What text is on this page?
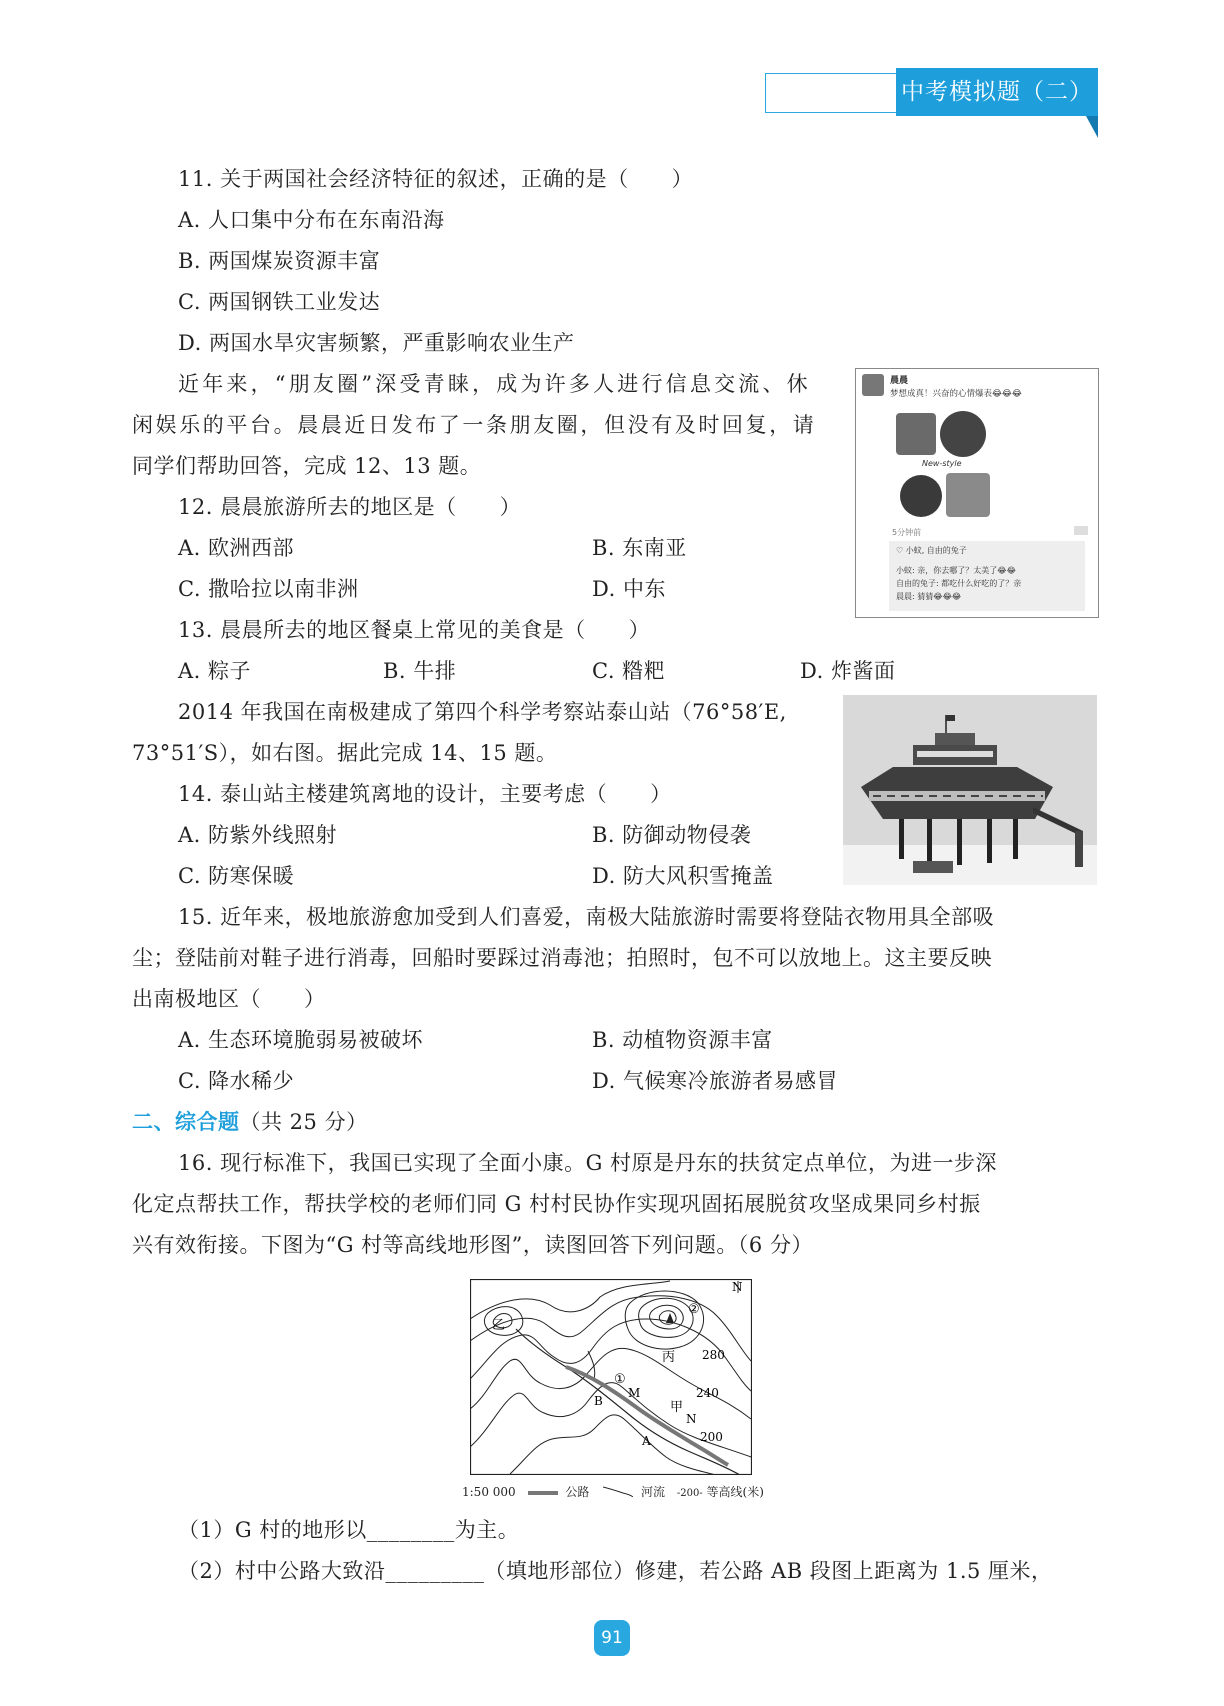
中考模拟题（二）
11. 关于两国社会经济特征的叙述，正确的是（　　）
A. 人口集中分布在东南沿海
B. 两国煤炭资源丰富
C. 两国钢铁工业发达
D. 两国水旱灾害频繁，严重影响农业生产
近年来，“朋友圈”深受青睐，成为许多人进行信息交流、休
闲娱乐的平台。晨晨近日发布了一条朋友圈，但没有及时回复，请
同学们帮助回答，完成 12、13 题。
晨晨
梦想成真！兴奋的心情爆表😂😂😂
New-style
5分钟前
♡ 小蚊, 自由的兔子
小蚊: 亲，你去哪了？太美了😂😂
自由的兔子: 都吃什么好吃的了？亲
晨晨: 猜猜😂😂😂
12. 晨晨旅游所去的地区是（　　）
A. 欧洲西部	B. 东南亚
C. 撒哈拉以南非洲	D. 中东
13. 晨晨所去的地区餐桌上常见的美食是（　　）
A. 粽子	B. 牛排	C. 糌粑	D. 炸酱面
2014 年我国在南极建成了第四个科学考察站泰山站（76°58′E,
73°51′S），如右图。据此完成 14、15 题。
14. 泰山站主楼建筑离地的设计，主要考虑（　　）
A. 防紫外线照射	B. 防御动物侵袭
C. 防寒保暖	D. 防大风积雪掩盖
15. 近年来，极地旅游愈加受到人们喜爱，南极大陆旅游时需要将登陆衣物用具全部吸
尘；登陆前对鞋子进行消毒，回船时要踩过消毒池；拍照时，包不可以放地上。这主要反映
出南极地区（　　）
A. 生态环境脆弱易被破坏	B. 动植物资源丰富
C. 降水稀少	D. 气候寒冷旅游者易感冒
二、综合题（共 25 分）
16. 现行标准下，我国已实现了全面小康。G 村原是丹东的扶贫定点单位，为进一步深
化定点帮扶工作，帮扶学校的老师们同 G 村村民协作实现巩固拓展脱贫攻坚成果同乡村振
兴有效衔接。下图为“G 村等高线地形图”，读图回答下列问题。（6 分）
N
②
乙
丙 280
①
M
B
240
甲
N
200
A
1:50 000	公路	河流 -200- 等高线(米)
（1）G 村的地形以________为主。
（2）村中公路大致沿_________（填地形部位）修建，若公路 AB 段图上距离为 1.5 厘米，
91
